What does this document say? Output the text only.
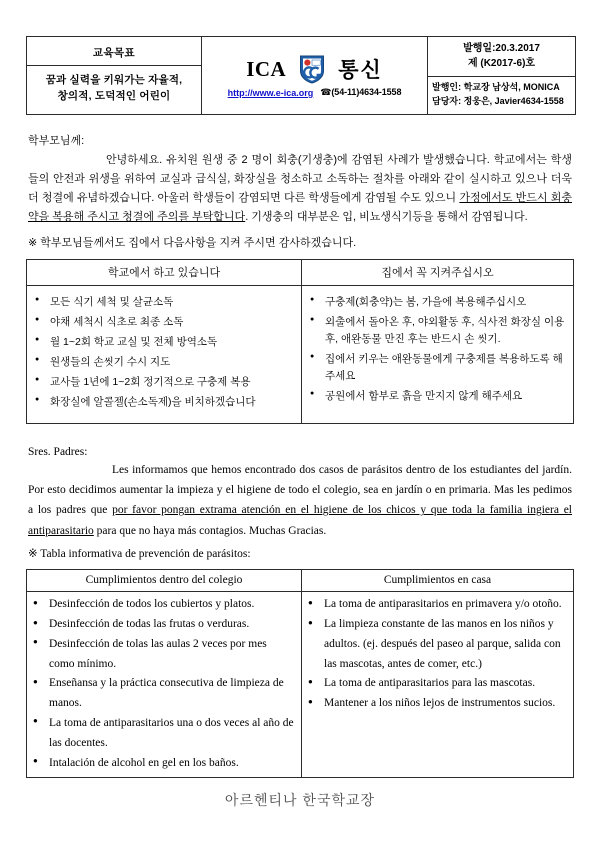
교육목표
꿈과 실력을 키워가는 자율적,
창의적, 도덕적인 어린이

ICA 통신
http://www.e-ica.org ☎(54-11)4634-1558

발행일:20.3.2017
제 (K2017-6)호
발행인: 학교장 남상석, MONICA
담당자: 정웅은, Javier4634-1558
학부모님께:
안녕하세요. 유치원 원생 중 2 명이 회충(기생충)에 감염된 사례가 발생했습니다. 학교에서는 학생들의 안전과 위생을 위하여 교실과 급식실, 화장실을 청소하고 소독하는 절차를 아래와 같이 실시하고 있으나 더욱 더 청결에 유념하겠습니다. 아울러 학생들이 감염되면 다른 학생들에게 감염될 수도 있으니 가정에서도 반드시 회충약을 복용해 주시고 청결에 주의를 부탁합니다. 기생충의 대부분은 입, 비뇨생식기등을 통해서 감염됩니다.
※ 학부모님들께서도 집에서 다음사항을 지켜 주시면 감사하겠습니다.
학교에서 하고 있습니다	집에서 꼭 지켜주십시오

● 모든 식기 세척 및 살균소독
● 야채 세척시 식초로 최종 소독
● 월 1~2회 학교 교실 및 전체 방역소독
● 원생들의 손씻기 수시 지도
● 교사들 1년에 1~2회 정기적으로 구충제 복용
● 화장실에 알콜젤(손소독제)을 비치하겠습니다

● 구충제(회충약)는 봄, 가을에 복용해주십시오
● 외출에서 돌아온 후, 야외활동 후, 식사전 화장실 이용 후, 애완동물 만진 후는 반드시 손 씻기.
● 집에서 키우는 애완동물에게 구충제를 복용하도록 해주세요
● 공원에서 함부로 흙을 만지지 않게 해주세요
Sres. Padres:
Les informamos que hemos encontrado dos casos de parásitos dentro de los estudiantes del jardín. Por esto decidimos aumentar la impieza y el higiene de todo el colegio, sea en jardín o en primaria. Mas les pedimos a los padres que por favor pongan extrama atención en el higiene de los chicos y que toda la familia ingiera el antiparasitario para que no haya más contagios. Muchas Gracias.
※ Tabla informativa de prevención de parásitos:
Cumplimientos dentro del colegio	Cumplimientos en casa

● Desinfección de todos los cubiertos y platos.
● Desinfección de todas las frutas o verduras.
● Desinfección de tolas las aulas 2 veces por mes como mínimo.
● Enseñansa y la práctica consecutiva de limpieza de manos.
● La toma de antiparasitarios una o dos veces al año de las docentes.
● Intalación de alcohol en gel en los baños.

● La toma de antiparasitarios en primavera y/o otoño.
● La limpieza constante de las manos en los niños y adultos. (ej. después del paseo al parque, salida con las mascotas, antes de comer, etc.)
● La toma de antiparasitarios para las mascotas.
● Mantener a los niños lejos de instrumentos sucios.
아르헨티나 한국학교장
